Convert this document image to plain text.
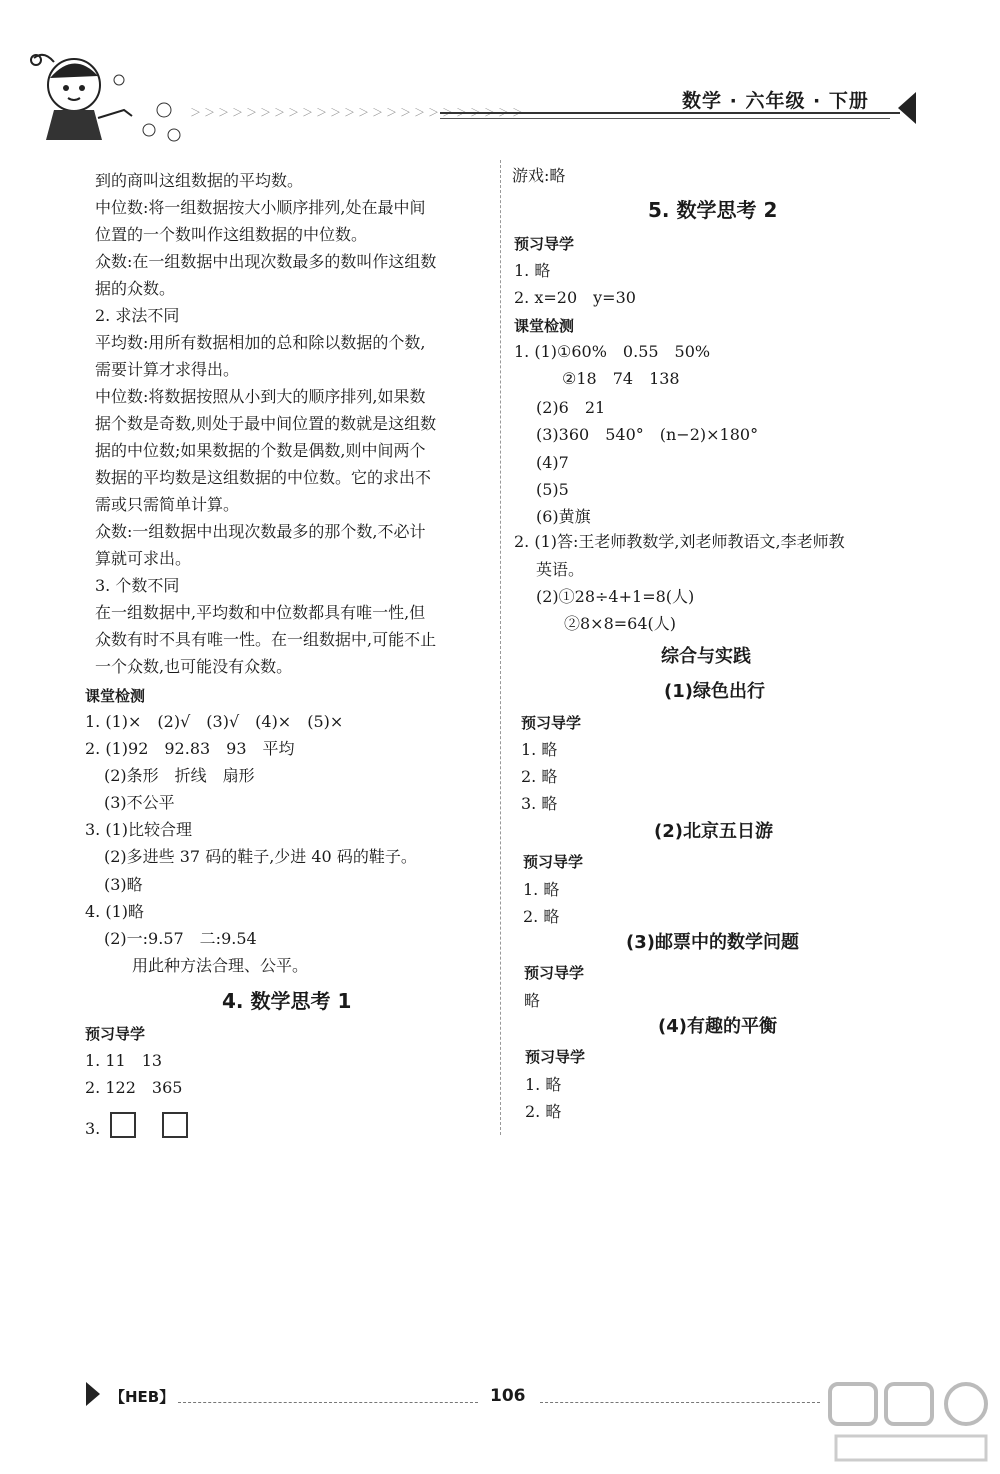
＞＞＞＞＞＞＞＞＞＞＞＞＞＞＞＞＞＞＞＞＞＞＞＞
数学 · 六年级 · 下册
到的商叫这组数据的平均数。
中位数:将一组数据按大小顺序排列,处在最中间
位置的一个数叫作这组数据的中位数。
众数:在一组数据中出现次数最多的数叫作这组数
据的众数。
2. 求法不同
平均数:用所有数据相加的总和除以数据的个数,
需要计算才求得出。
中位数:将数据按照从小到大的顺序排列,如果数
据个数是奇数,则处于最中间位置的数就是这组数
据的中位数;如果数据的个数是偶数,则中间两个
数据的平均数是这组数据的中位数。它的求出不
需或只需简单计算。
众数:一组数据中出现次数最多的那个数,不必计
算就可求出。
3. 个数不同
在一组数据中,平均数和中位数都具有唯一性,但
众数有时不具有唯一性。在一组数据中,可能不止
一个众数,也可能没有众数。
课堂检测
1. (1)×　(2)√　(3)√　(4)×　(5)×
2. (1)92　92.83　93　平均
(2)条形　折线　扇形
(3)不公平
3. (1)比较合理
(2)多进些 37 码的鞋子,少进 40 码的鞋子。
(3)略
4. (1)略
(2)一:9.57　二:9.54
用此种方法合理、公平。
4. 数学思考 1
预习导学
1. 11　13
2. 122　365
3.
游戏:略
5. 数学思考 2
预习导学
1. 略
2. x=20　y=30
课堂检测
1. (1)①60%　0.55　50%
②18　74　138
(2)6　21
(3)360　540°　(n−2)×180°
(4)7
(5)5
(6)黄旗
2. (1)答:王老师教数学,刘老师教语文,李老师教
英语。
(2)①28÷4+1=8(人)
②8×8=64(人)
综合与实践
(1)绿色出行
预习导学
1. 略
2. 略
3. 略
(2)北京五日游
预习导学
1. 略
2. 略
(3)邮票中的数学问题
预习导学
略
(4)有趣的平衡
预习导学
1. 略
2. 略
【HEB】	106
